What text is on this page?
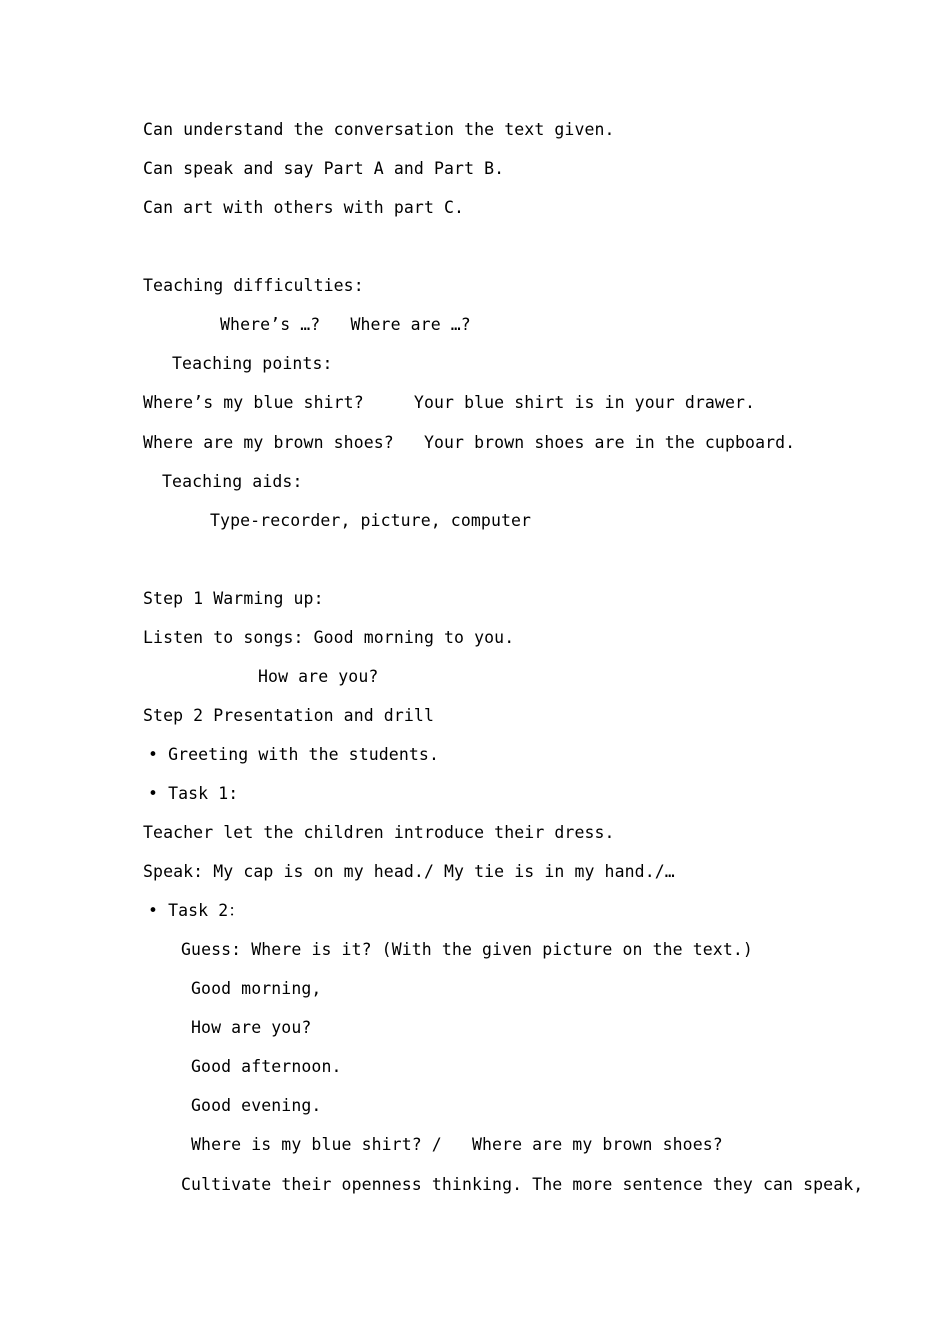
Can understand the conversation the text given.
Can speak and say Part A and Part B.
Can art with others with part C.
Teaching difficulties:
Where’s …?   Where are …?
Teaching points:
Where’s my blue shirt?     Your blue shirt is in your drawer.
Where are my brown shoes?   Your brown shoes are in the cupboard.
Teaching aids:
Type-recorder, picture, computer
Step 1 Warming up:
Listen to songs: Good morning to you.
How are you?
Step 2 Presentation and drill
• Greeting with the students.
• Task 1:
Teacher let the children introduce their dress.
Speak: My cap is on my head./ My tie is in my hand./…
• Task 2：
Guess: Where is it? (With the given picture on the text.)
Good morning,
How are you?
Good afternoon.
Good evening.
Where is my blue shirt? /   Where are my brown shoes?
Cultivate their openness thinking. The more sentence they can speak,
